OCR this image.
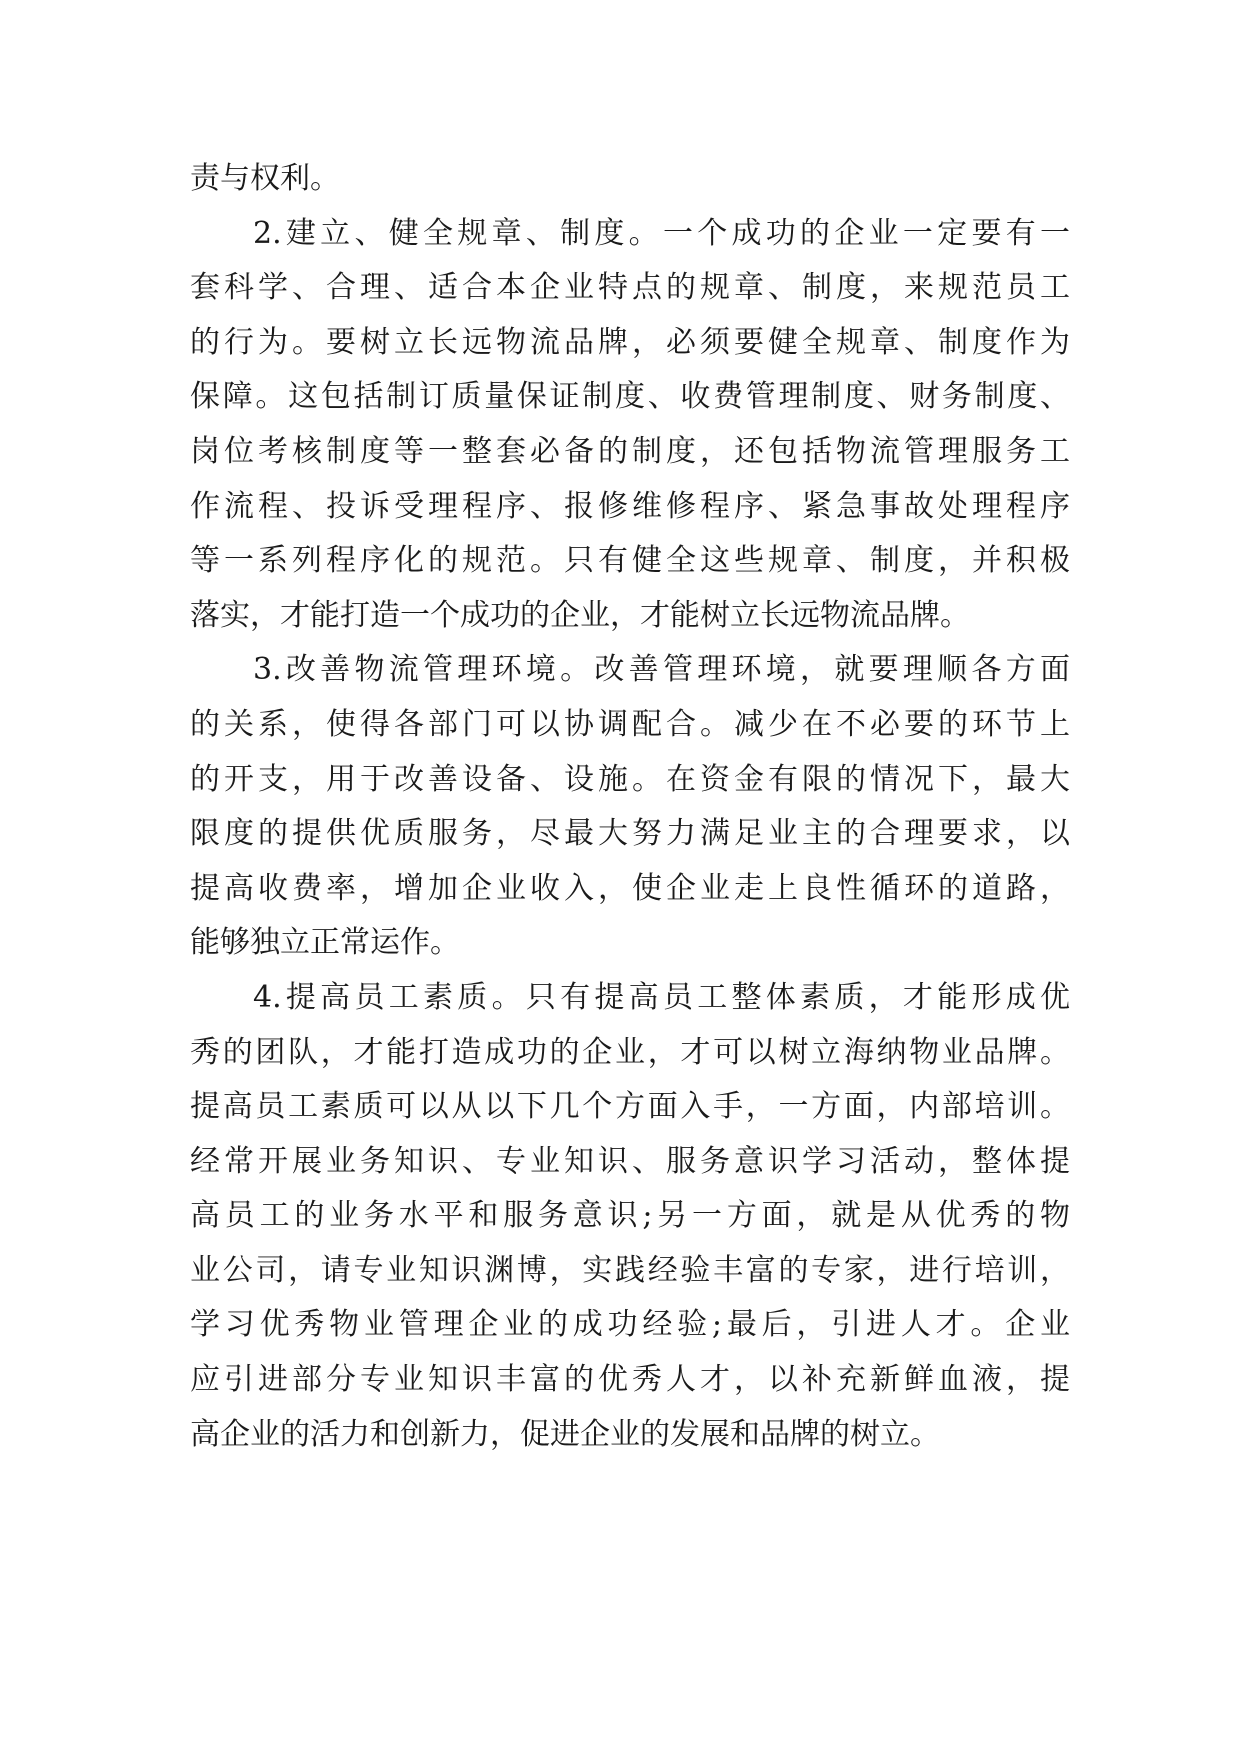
责与权利。
2.建立、健全规章、制度。一个成功的企业一定要有一
套科学、合理、适合本企业特点的规章、制度，来规范员工
的行为。要树立长远物流品牌，必须要健全规章、制度作为
保障。这包括制订质量保证制度、收费管理制度、财务制度、
岗位考核制度等一整套必备的制度，还包括物流管理服务工
作流程、投诉受理程序、报修维修程序、紧急事故处理程序
等一系列程序化的规范。只有健全这些规章、制度，并积极
落实，才能打造一个成功的企业，才能树立长远物流品牌。
3.改善物流管理环境。改善管理环境，就要理顺各方面
的关系，使得各部门可以协调配合。减少在不必要的环节上
的开支，用于改善设备、设施。在资金有限的情况下，最大
限度的提供优质服务，尽最大努力满足业主的合理要求，以
提高收费率，增加企业收入，使企业走上良性循环的道路，
能够独立正常运作。
4.提高员工素质。只有提高员工整体素质，才能形成优
秀的团队，才能打造成功的企业，才可以树立海纳物业品牌。
提高员工素质可以从以下几个方面入手，一方面，内部培训。
经常开展业务知识、专业知识、服务意识学习活动，整体提
高员工的业务水平和服务意识;另一方面，就是从优秀的物
业公司，请专业知识渊博，实践经验丰富的专家，进行培训，
学习优秀物业管理企业的成功经验;最后，引进人才。企业
应引进部分专业知识丰富的优秀人才，以补充新鲜血液，提
高企业的活力和创新力，促进企业的发展和品牌的树立。
